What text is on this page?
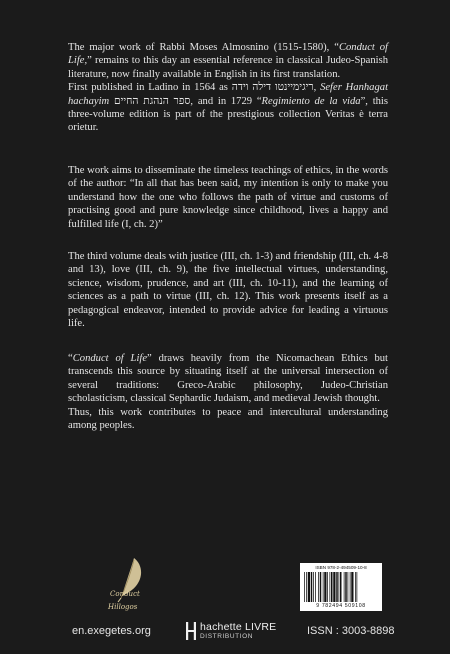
The major work of Rabbi Moses Almosnino (1515-1580), “Conduct of Life,” remains to this day an essential reference in classical Judeo-Spanish literature, now finally available in English in its first translation.

First published in Ladino in 1564 as ריגימיינטו דילה וידה, Sefer Hanhagat hachayim ספר הנהגת החיים, and in 1729 “Regimiento de la vida”, this three-volume edition is part of the prestigious collection Veritas è terra orietur.

The work aims to disseminate the timeless teachings of ethics, in the words of the author: “In all that has been said, my intention is only to make you understand how the one who follows the path of virtue and customs of practising good and pure knowledge since childhood, lives a happy and fulfilled life (I, ch. 2)”

The third volume deals with justice (III, ch. 1-3) and friendship (III, ch. 4-8 and 13), love (III, ch. 9), the five intellectual virtues, understanding, science, wisdom, prudence, and art (III, ch. 10-11), and the learning of sciences as a path to virtue (III, ch. 12). This work presents itself as a pedagogical endeavor, intended to provide advice for leading a virtuous life.

“Conduct of Life” draws heavily from the Nicomachean Ethics but transcends this source by situating itself at the universal intersection of several traditions: Greco-Arabic philosophy, Judeo-Christian scholasticism, classical Sephardic Judaism, and medieval Jewish thought.

Thus, this work contributes to peace and intercultural understanding among peoples.

Conduct
Hillogos
en.exegetes.org	hachette LIVRE
DISTRIBUTION
ISBN 978-2-494509-10-8
9 782494 509108
ISSN : 3003-8898
